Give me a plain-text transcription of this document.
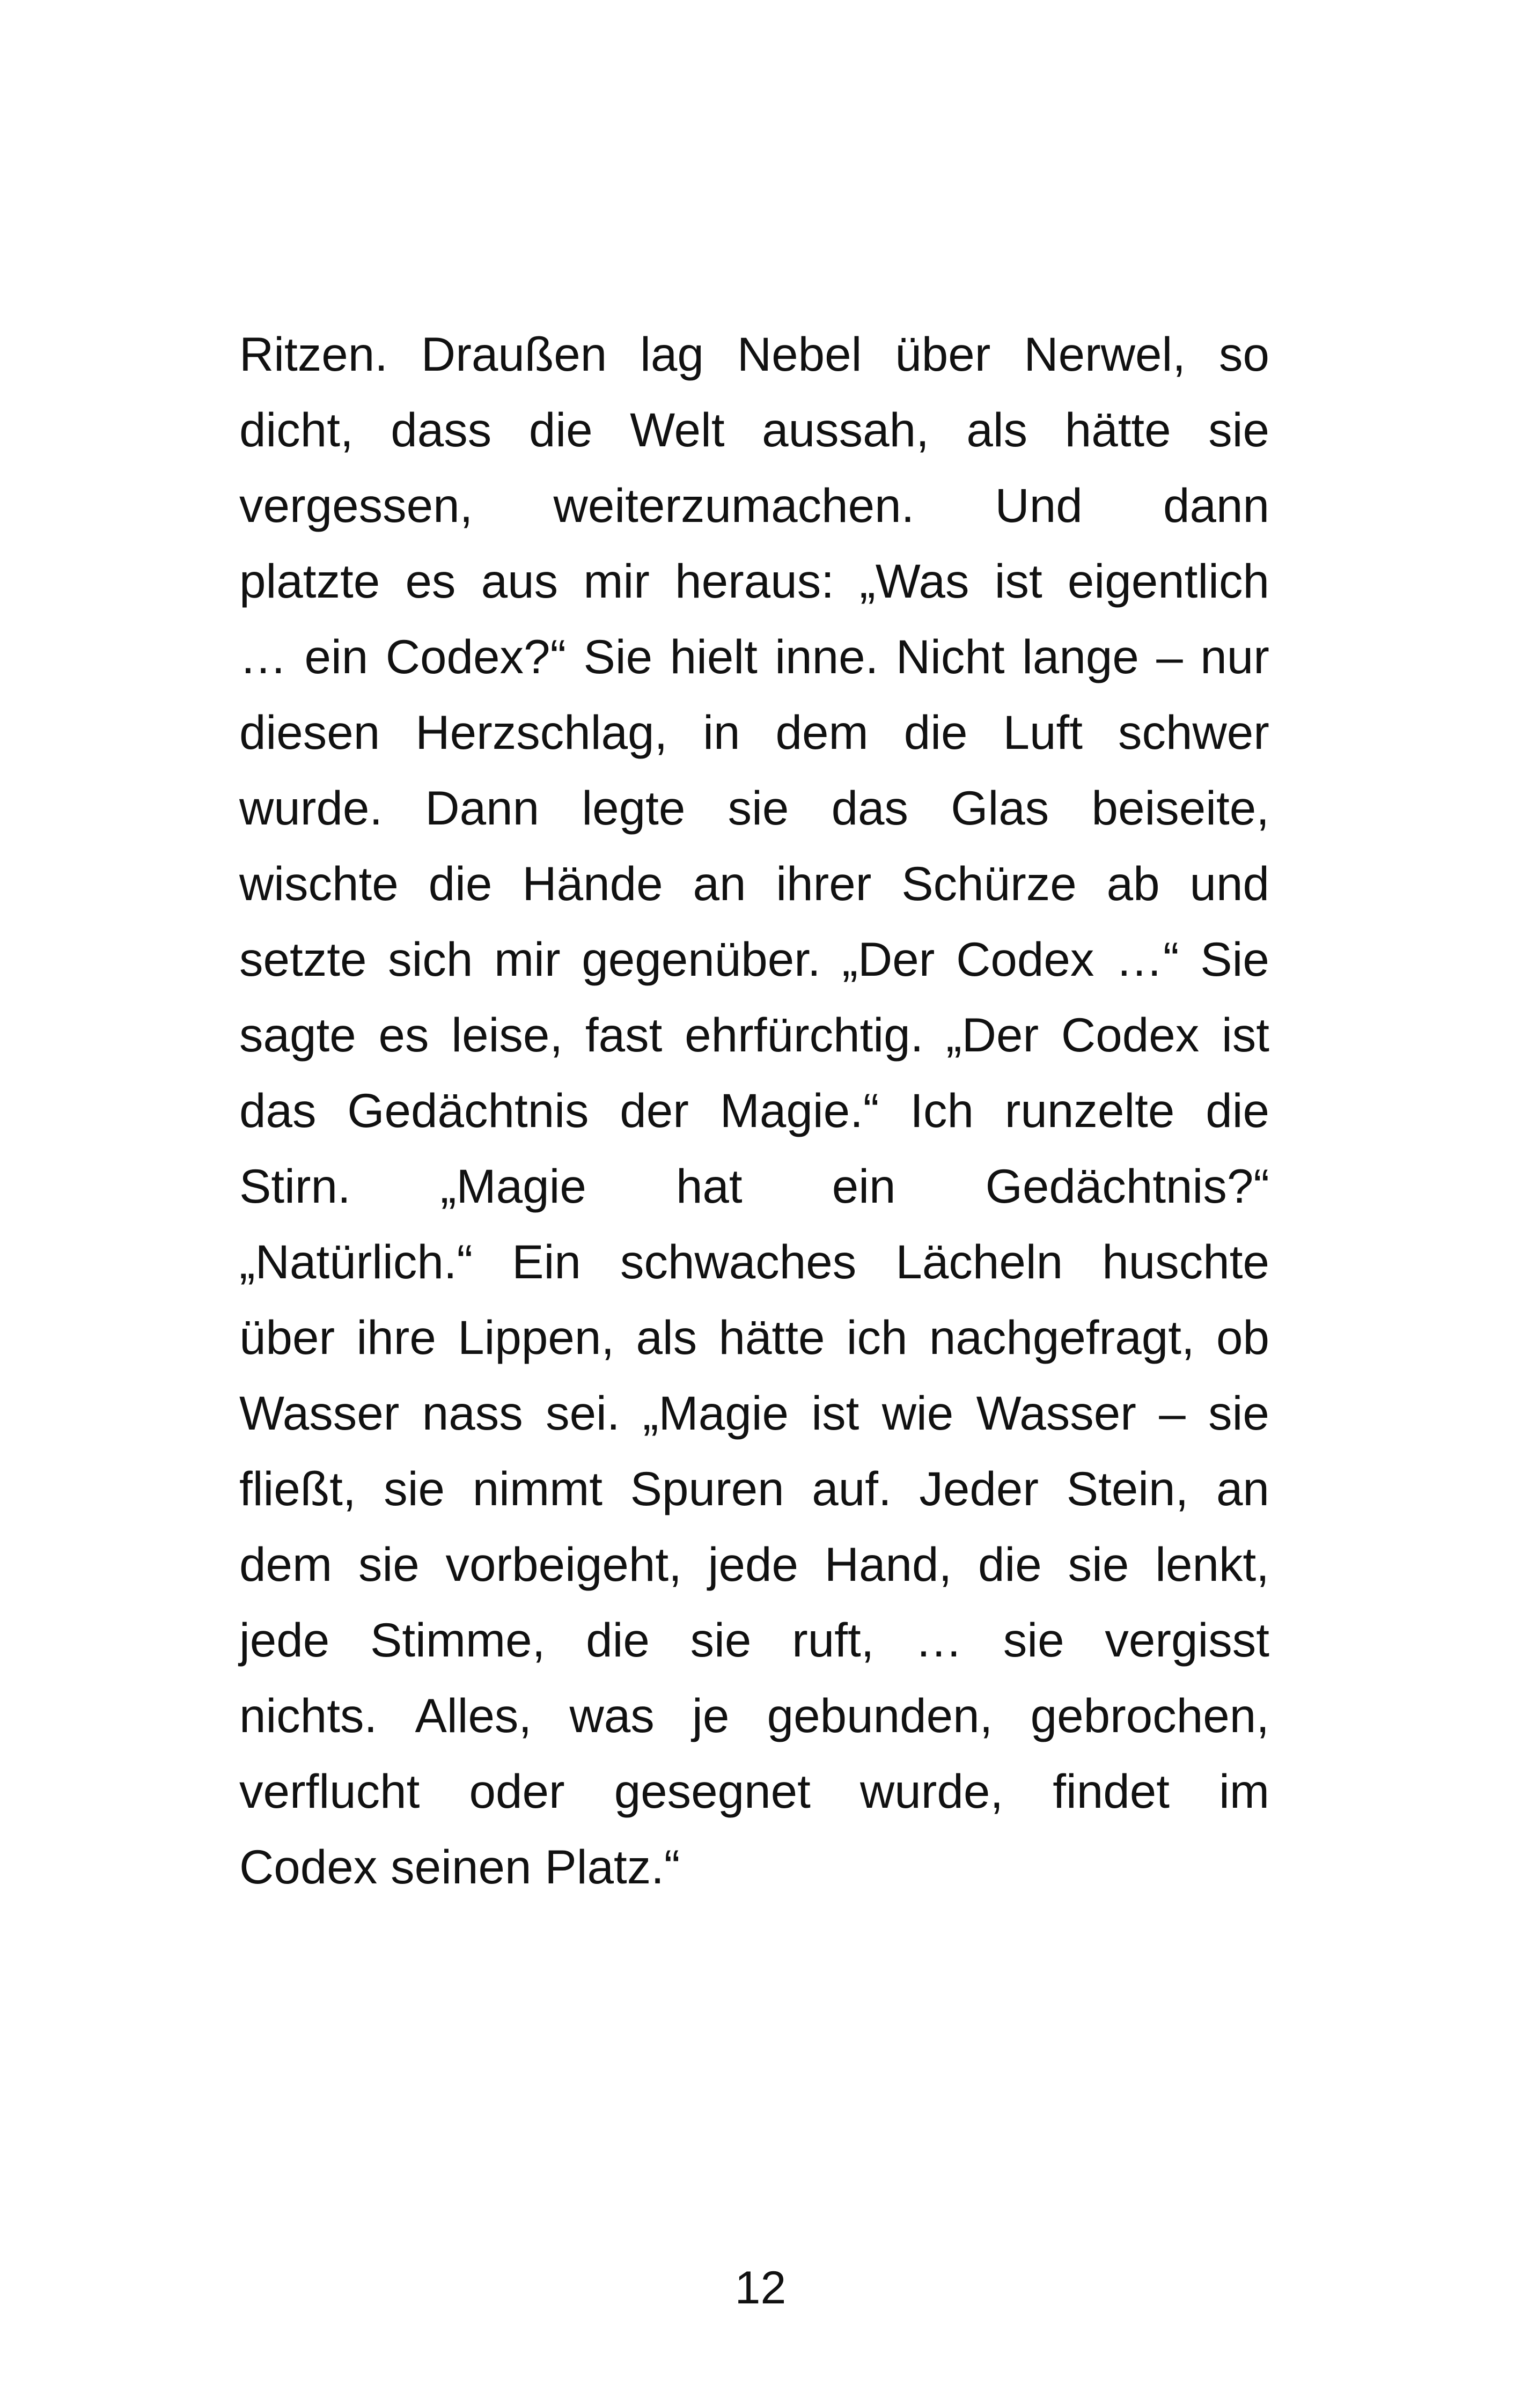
Ritzen. Draußen lag Nebel über Nerwel, so
dicht, dass die Welt aussah, als hätte sie
vergessen, weiterzumachen. Und dann
platzte es aus mir heraus: „Was ist eigentlich
… ein Codex?“ Sie hielt inne. Nicht lange – nur
diesen Herzschlag, in dem die Luft schwer
wurde. Dann legte sie das Glas beiseite,
wischte die Hände an ihrer Schürze ab und
setzte sich mir gegenüber. „Der Codex …“ Sie
sagte es leise, fast ehrfürchtig. „Der Codex ist
das Gedächtnis der Magie.“ Ich runzelte die
Stirn. „Magie hat ein Gedächtnis?“
„Natürlich.“ Ein schwaches Lächeln huschte
über ihre Lippen, als hätte ich nachgefragt, ob
Wasser nass sei. „Magie ist wie Wasser – sie
fließt, sie nimmt Spuren auf. Jeder Stein, an
dem sie vorbeigeht, jede Hand, die sie lenkt,
jede Stimme, die sie ruft, … sie vergisst
nichts. Alles, was je gebunden, gebrochen,
verflucht oder gesegnet wurde, findet im
Codex seinen Platz.“
12
